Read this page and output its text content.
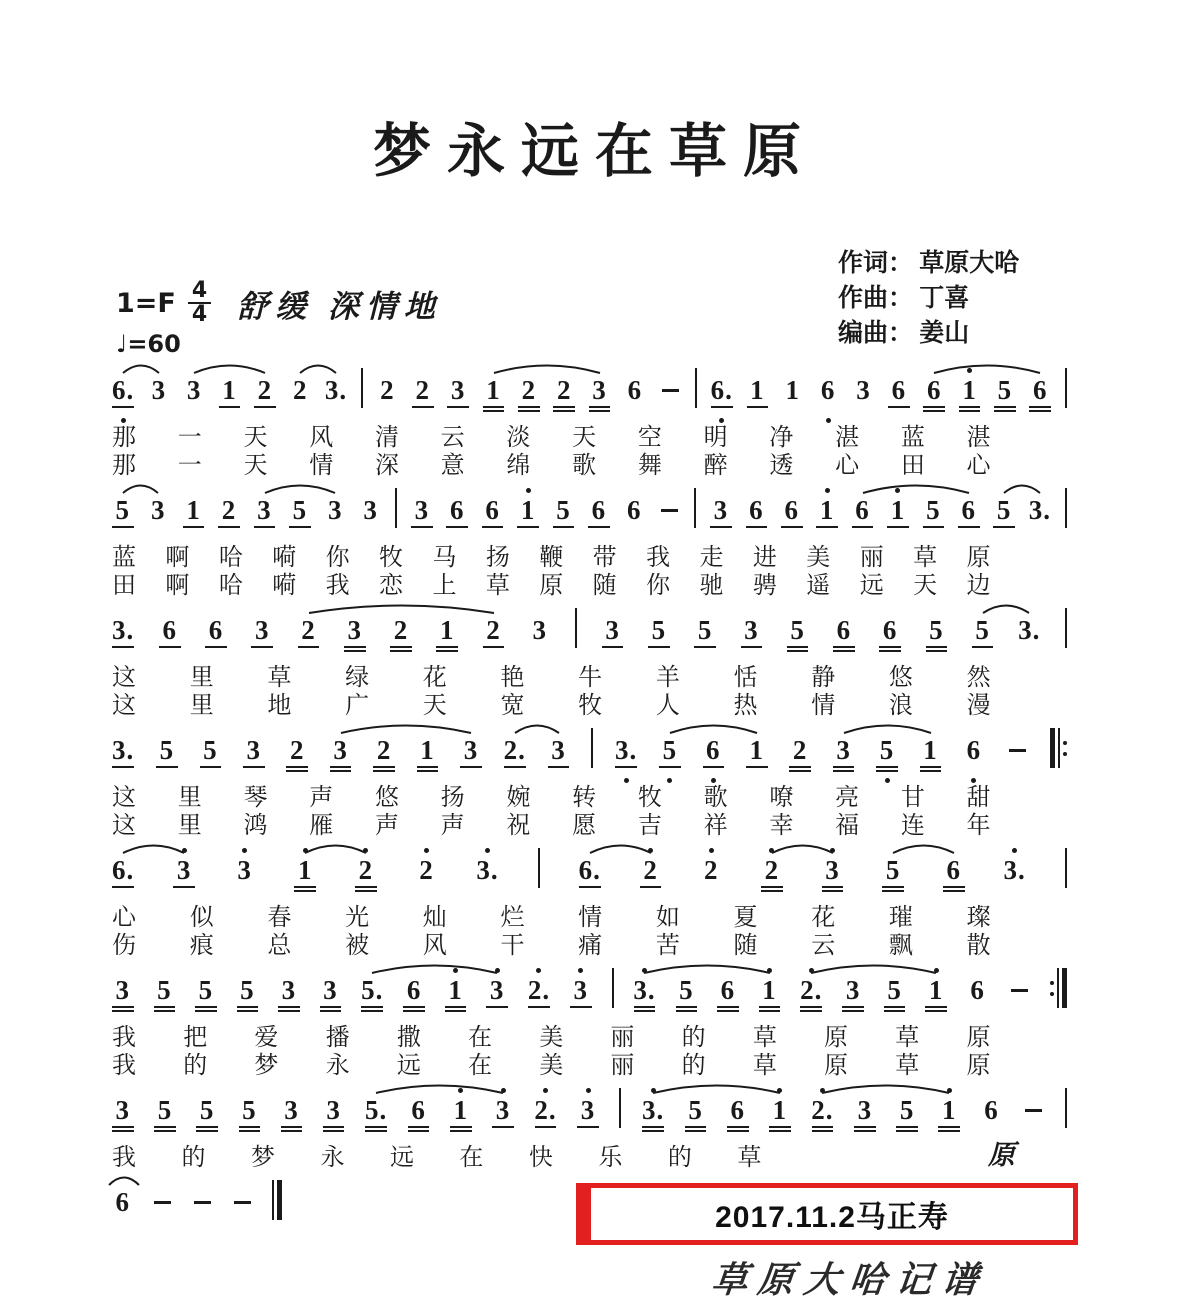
梦永远在草原
作词： 草原大哈
作曲： 丁喜
编曲： 姜山
$1=F \frac{4}{4}$ 舒缓 深情地
♩=60
6. 3 3 1 2 2 3. 2 2 3 1 2 2 3 6	6. 1 1 6 3 6 6 1 5 6
那 一 天 风 清 云 淡 天 空 明 净 湛 蓝 湛
那 一 天 情 深 意 绵 歌 舞 醉 透 心 田 心
5 3 1 2 3 5 3 3 3 6 6 1 5 6 6	3 6 6 1 6 1 5 6 5 3.
蓝 啊 哈 嗬 你 牧 马 扬 鞭 带 我 走 进 美 丽 草 原
田 啊 哈 嗬 我 恋 上 草 原 随 你 驰 骋 遥 远 天 边
3. 6 6 3 2 3 2 1 2 3 3 5 5 3 5 6 6 5 5 3.
这 里 草 绿 花 艳 牛 羊 恬 静 悠 然
这 里 地 广 天 宽 牧 人 热 情 浪 漫
3. 5 5 3 2 3 2 1 3 2. 3 3. 5 6 1 2 3 5 1 6
这 里 琴 声 悠 扬 婉 转 牧 歌 嘹 亮 甘 甜
这 里 鸿 雁 声 声 祝 愿 吉 祥 幸 福 连 年
6. 3 3 1 2 2 3.	6. 2 2 2 3 5 6 3.
心 似 春 光 灿 烂 情 如 夏 花 璀 璨
伤 痕 总 被 风 干 痛 苦 随 云 飘 散
3 5 5 5 3 3 5. 6 1 3 2. 3 3. 5 6 1 2. 3 5 1 6
我 把 爱 播 撒 在 美 丽 的 草 原 草 原
我 的 梦 永 远 在 美 丽 的 草 原 草 原
3 5 5 5 3 3 5. 6 1 3 2. 3 3. 5 6 1 2. 3 5 1 6
我 的 梦 永 远 在 快 乐 的 草	原
6	2017.11.2马正寿
草原大哈记谱
